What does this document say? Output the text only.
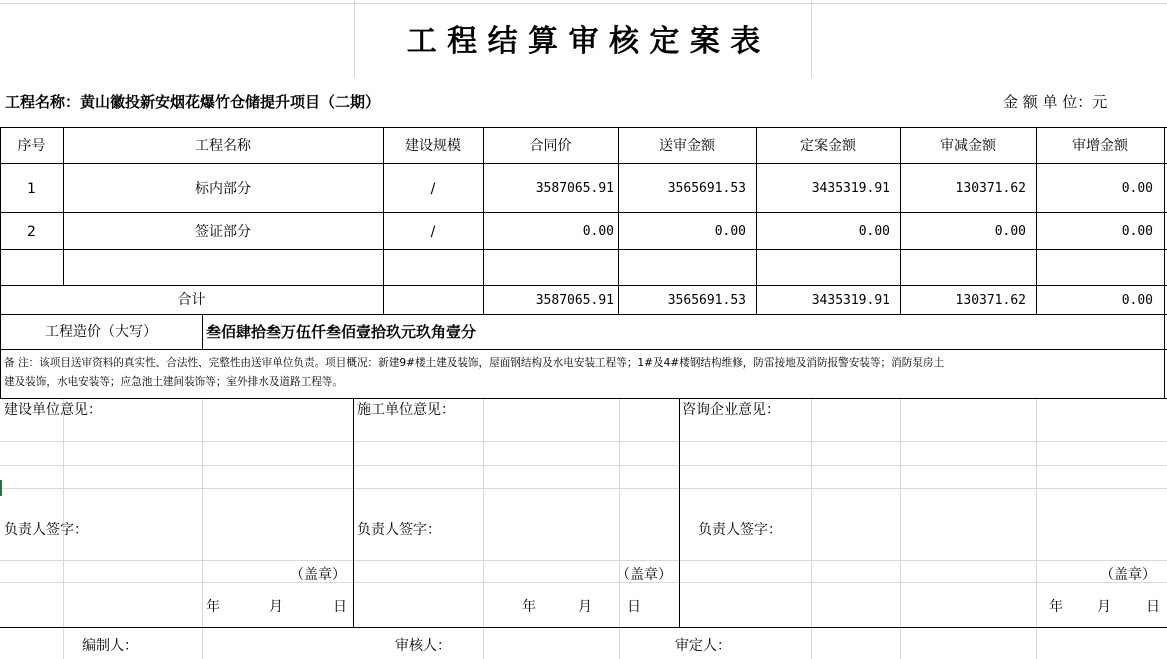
工 程 结 算 审 核 定 案 表
工程名称：黄山徽投新安烟花爆竹仓储提升项目（二期）	金 额 单 位：元
序号	工程名称	建设规模	合同价	送审金额	定案金额	审减金额	审增金额
1	标内部分	/	3587065.91	3565691.53	3435319.91	130371.62	0.00
2	签证部分	/	0.00	0.00	0.00	0.00	0.00
合计	3587065.91	3565691.53	3435319.91	130371.62	0.00
工程造价（大写）	叁佰肆拾叁万伍仟叁佰壹拾玖元玖角壹分
备 注：该项目送审资料的真实性、合法性、完整性由送审单位负责。项目概况：新建9#楼土建及装饰，屋面钢结构及水电安装工程等；1#及4#楼钢结构维修，防雷接地及消防报警安装等；消防泵房土
建及装饰，水电安装等；应急池土建间装饰等；室外排水及道路工程等。
建设单位意见：	施工单位意见：	咨询企业意见：
负责人签字：	负责人签字：	负责人签字：
（盖章）	（盖章）	（盖章）
年	月	日	年	月	日	年 月	日
编制人：	审核人：	审定人：
